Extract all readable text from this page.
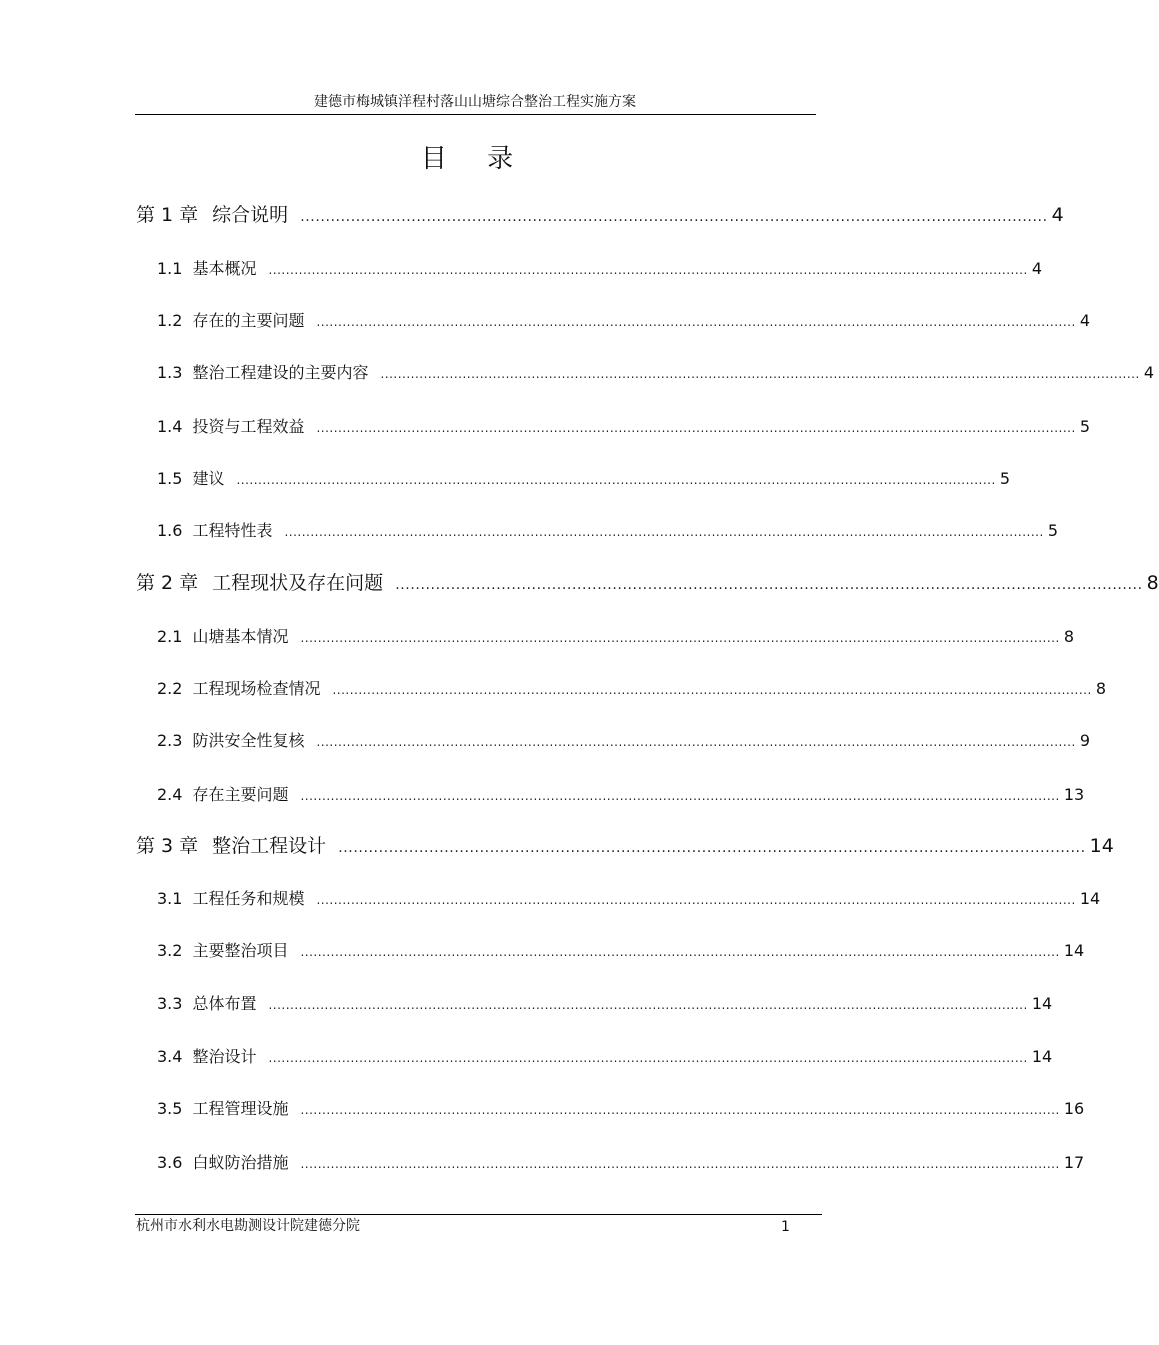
建德市梅城镇洋程村落山山塘综合整治工程实施方案
目 录
第 1 章 综合说明 .................................................................................................................................................... 4
1.1 基本概况 ................................................................................................................................................................................ 4
1.2 存在的主要问题 ................................................................................................................................................................................ 4
1.3 整治工程建设的主要内容 ................................................................................................................................................................................ 4
1.4 投资与工程效益 ................................................................................................................................................................................ 5
1.5 建议 ................................................................................................................................................................................ 5
1.6 工程特性表 ................................................................................................................................................................................ 5
第 2 章 工程现状及存在问题 .................................................................................................................................................... 8
2.1 山塘基本情况 ................................................................................................................................................................................ 8
2.2 工程现场检查情况 ................................................................................................................................................................................ 8
2.3 防洪安全性复核 ................................................................................................................................................................................ 9
2.4 存在主要问题 ................................................................................................................................................................................ 13
第 3 章 整治工程设计 .................................................................................................................................................... 14
3.1 工程任务和规模 ................................................................................................................................................................................ 14
3.2 主要整治项目 ................................................................................................................................................................................ 14
3.3 总体布置 ................................................................................................................................................................................ 14
3.4 整治设计 ................................................................................................................................................................................ 14
3.5 工程管理设施 ................................................................................................................................................................................ 16
3.6 白蚁防治措施 ................................................................................................................................................................................ 17
杭州市水利水电勘测设计院建德分院	1
